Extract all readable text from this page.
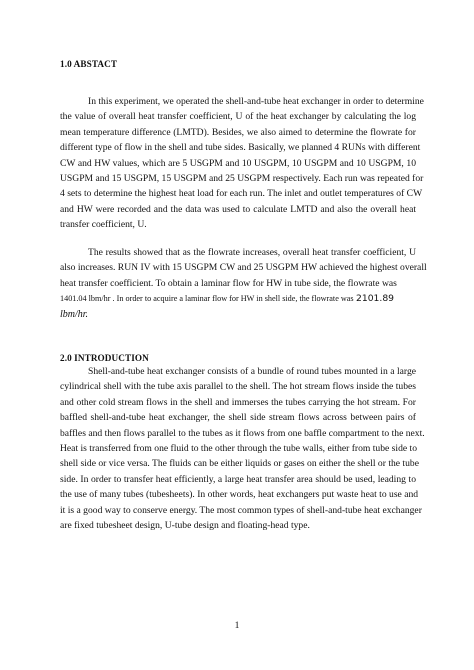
1.0 ABSTACT
In this experiment, we operated the shell-and-tube heat exchanger in order to determine
the value of overall heat transfer coefficient, U of the heat exchanger by calculating the log
mean temperature difference (LMTD). Besides, we also aimed to determine the flowrate for
different type of flow in the shell and tube sides. Basically, we planned 4 RUNs with different
CW and HW values, which are 5 USGPM and 10 USGPM, 10 USGPM and 10 USGPM, 10
USGPM and 15 USGPM, 15 USGPM and 25 USGPM respectively. Each run was repeated for
4 sets to determine the highest heat load for each run. The inlet and outlet temperatures of CW
and HW were recorded and the data was used to calculate LMTD and also the overall heat
transfer coefficient, U.
The results showed that as the flowrate increases, overall heat transfer coefficient, U
also increases. RUN IV with 15 USGPM CW and 25 USGPM HW achieved the highest overall
heat transfer coefficient. To obtain a laminar flow for HW in tube side, the flowrate was
1401.04 lbm/hr . In order to acquire a laminar flow for HW in shell side, the flowrate was 2101.89
lbm/hr.
2.0 INTRODUCTION
Shell-and-tube heat exchanger consists of a bundle of round tubes mounted in a large
cylindrical shell with the tube axis parallel to the shell. The hot stream flows inside the tubes
and other cold stream flows in the shell and immerses the tubes carrying the hot stream. For
baffled shell-and-tube heat exchanger, the shell side stream flows across between pairs of
baffles and then flows parallel to the tubes as it flows from one baffle compartment to the next.
Heat is transferred from one fluid to the other through the tube walls, either from tube side to
shell side or vice versa. The fluids can be either liquids or gases on either the shell or the tube
side. In order to transfer heat efficiently, a large heat transfer area should be used, leading to
the use of many tubes (tubesheets). In other words, heat exchangers put waste heat to use and
it is a good way to conserve energy. The most common types of shell-and-tube heat exchanger
are fixed tubesheet design, U-tube design and floating-head type.
1
